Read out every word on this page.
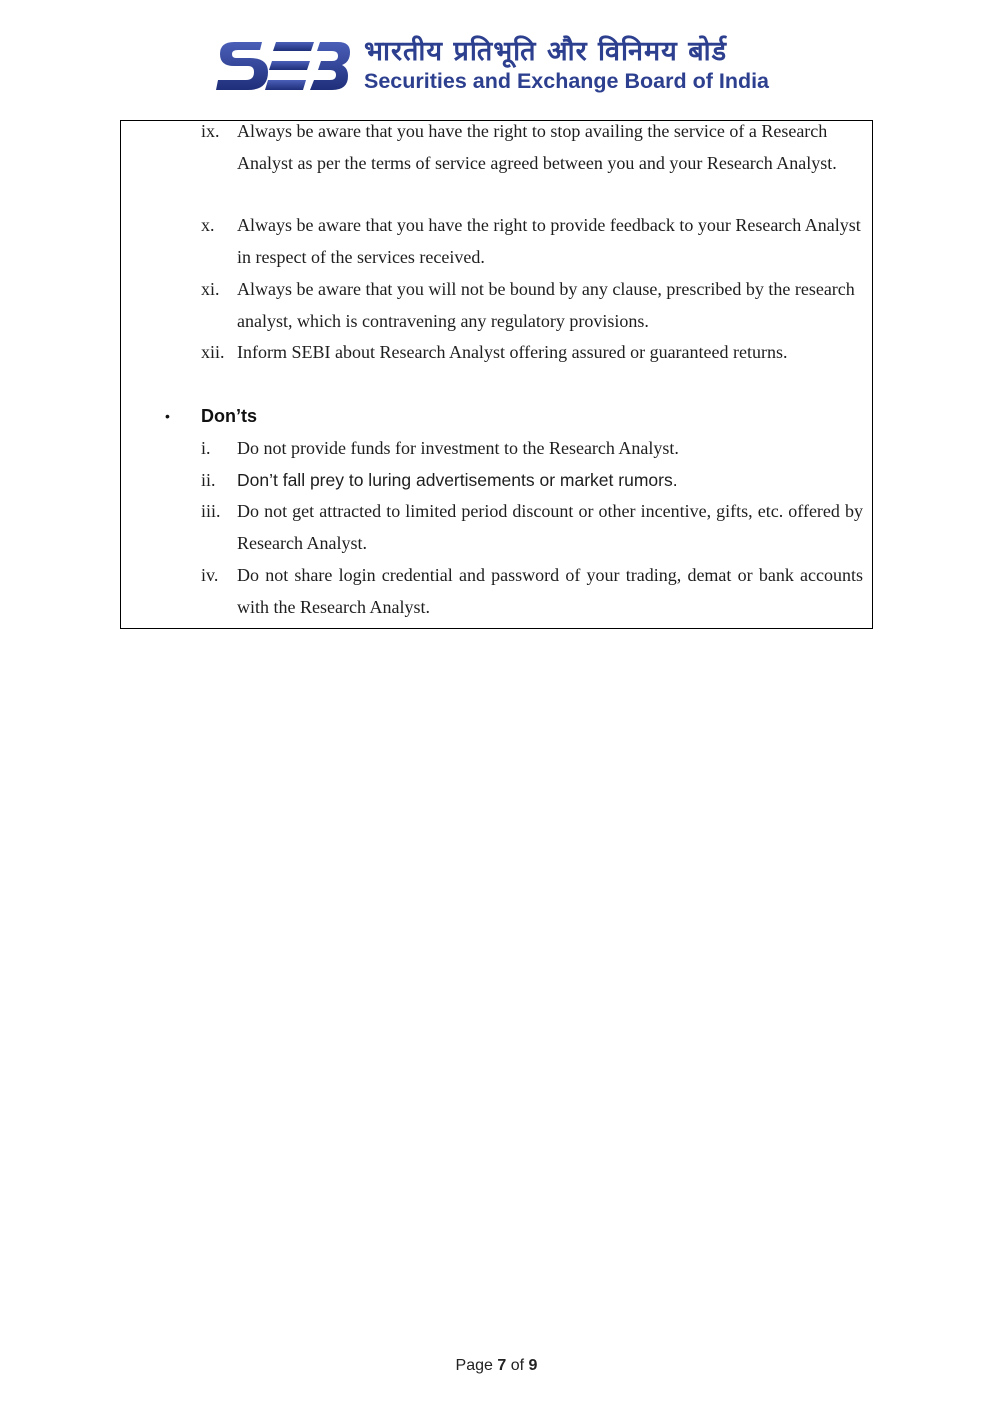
भारतीय प्रतिभूति और विनिमय बोर्ड
Securities and Exchange Board of India
ix. Always be aware that you have the right to stop availing the service of a Research Analyst as per the terms of service agreed between you and your Research Analyst.
x.	Always be aware that you have the right to provide feedback to your Research Analyst in respect of the services received.
xi. Always be aware that you will not be bound by any clause, prescribed by the research analyst, which is contravening any regulatory provisions.
xii. Inform SEBI about Research Analyst offering assured or guaranteed returns.
• Don’ts
i.	Do not provide funds for investment to the Research Analyst.
ii.	Don’t fall prey to luring advertisements or market rumors.
iii. Do not get attracted to limited period discount or other incentive, gifts, etc. offered by Research Analyst.
iv.	Do not share login credential and password of your trading, demat or bank accounts with the Research Analyst.
Page 7 of 9
